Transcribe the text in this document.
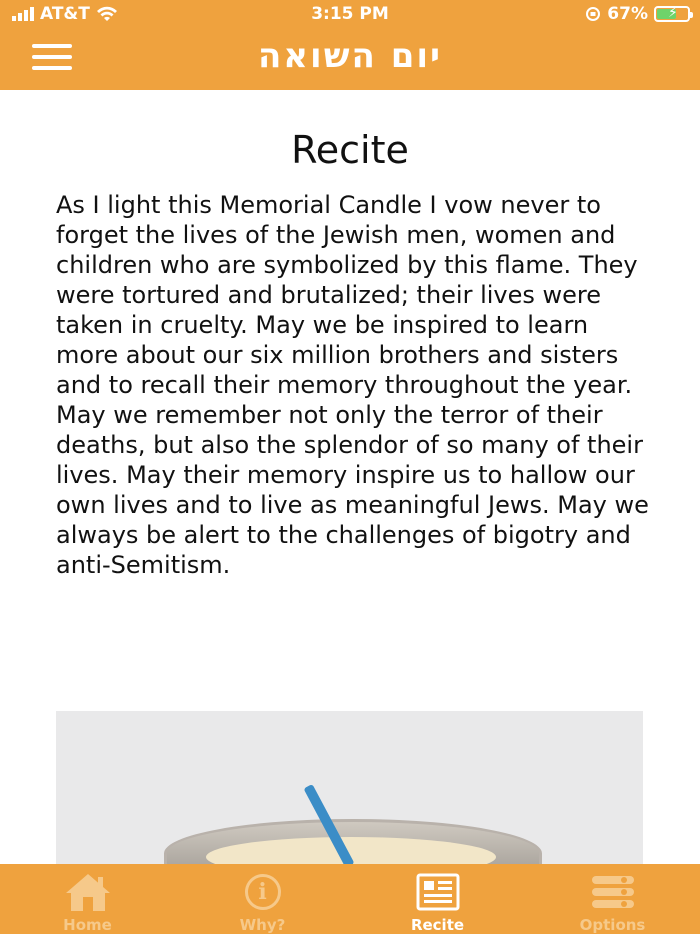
AT&T	3:15 PM	67% ⚡
יום השואה
Recite
As I light this Memorial Candle I vow never to forget the lives of the Jewish men, women and children who are symbolized by this flame. They were tortured and brutalized; their lives were taken in cruelty. May we be inspired to learn more about our six million brothers and sisters and to recall their memory throughout the year. May we remember not only the terror of their deaths, but also the splendor of so many of their lives. May their memory inspire us to hallow our own lives and to live as meaningful Jews. May we always be alert to the challenges of bigotry and anti-Semitism.
Home
i
Why?	Recite	Options
